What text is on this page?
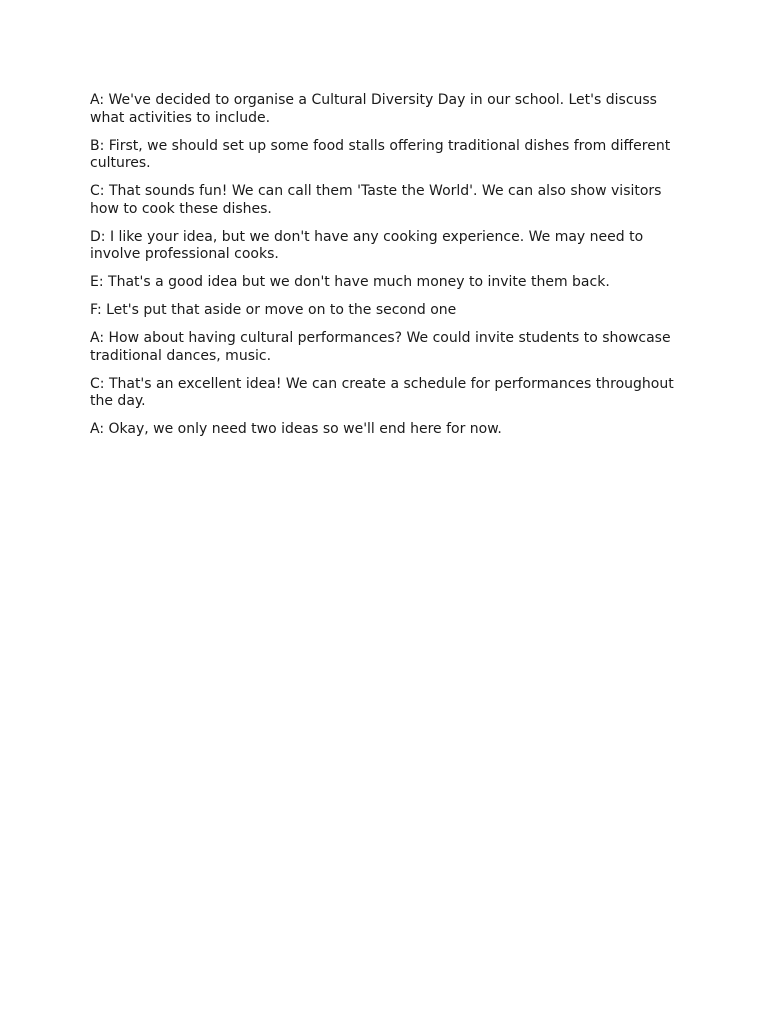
A: We've decided to organise a Cultural Diversity Day in our school. Let's discuss what activities to include.

B: First, we should set up some food stalls offering traditional dishes from different cultures.

C: That sounds fun! We can call them 'Taste the World'. We can also show visitors how to cook these dishes.

D: I like your idea, but we don't have any cooking experience. We may need to involve professional cooks.

E: That's a good idea but we don't have much money to invite them back.

F: Let's put that aside or move on to the second one

A: How about having cultural performances? We could invite students to showcase traditional dances, music.

C: That's an excellent idea! We can create a schedule for performances throughout the day.

A: Okay, we only need two ideas so we'll end here for now.
